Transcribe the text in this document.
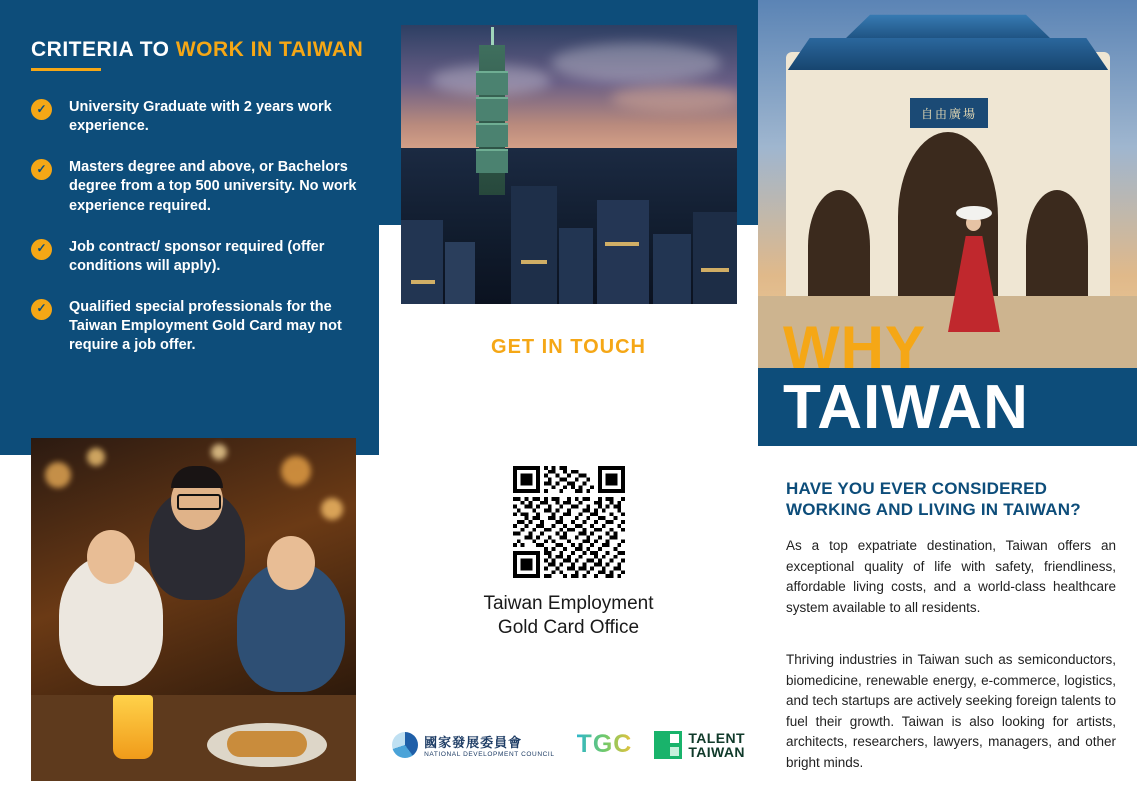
CRITERIA TO WORK IN TAIWAN
✓	University Graduate with 2 years work experience.
✓	Masters degree and above, or Bachelors degree from a top 500 university. No work experience required.
✓	Job contract/ sponsor required (offer conditions will apply).
✓	Qualified special professionals for the Taiwan Employment Gold Card may not require a job offer.	GET IN TOUCH
Taiwan Employment
Gold Card Office
國家發展委員會
NATIONAL DEVELOPMENT COUNCIL TGC	TALENT
TAIWAN
自由廣場
WHY
TAIWAN
HAVE YOU EVER CONSIDERED
WORKING AND LIVING IN TAIWAN?
As a top expatriate destination, Taiwan offers an exceptional quality of life with safety, friendliness, affordable living costs, and a world-class healthcare system available to all residents.
Thriving industries in Taiwan such as semiconductors, biomedicine, renewable energy, e-commerce, logistics, and tech startups are actively seeking foreign talents to fuel their growth. Taiwan is also looking for artists, architects, researchers, lawyers, managers, and other bright minds.
